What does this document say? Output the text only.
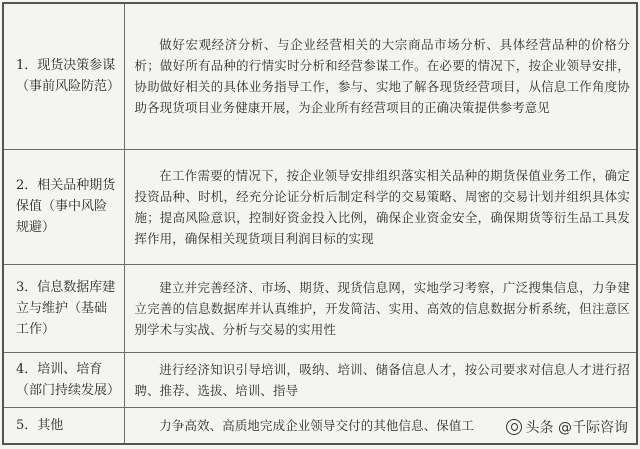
1．现货决策参谋（事前风险防范）	做好宏观经济分析、与企业经营相关的大宗商品市场分析、具体经营品种的价格分析；做好所有品种的行情实时分析和经营参谋工作。在必要的情况下，按企业领导安排，协助做好相关的具体业务指导工作，参与、实地了解各现货经营项目，从信息工作角度协助各现货项目业务健康开展，为企业所有经营项目的正确决策提供参考意见
2．相关品种期货保值（事中风险规避）	在工作需要的情况下，按企业领导安排组织落实相关品种的期货保值业务工作，确定投资品种、时机，经充分论证分析后制定科学的交易策略、周密的交易计划并组织具体实施；提高风险意识，控制好资金投入比例，确保企业资金安全，确保期货等衍生品工具发挥作用，确保相关现货项目利润目标的实现
3．信息数据库建立与维护（基础工作）	建立并完善经济、市场、期货、现货信息网，实地学习考察，广泛搜集信息，力争建立完善的信息数据库并认真维护，开发简洁、实用、高效的信息数据分析系统，但注意区别学术与实战、分析与交易的实用性
4．培训、培育（部门持续发展）	进行经济知识引导培训，吸纳、培训、储备信息人才，按公司要求对信息人才进行招聘、推荐、选拔、培训、指导
5．其他	力争高效、高质地完成企业领导交付的其他信息、保值工	头条 @千际咨询
